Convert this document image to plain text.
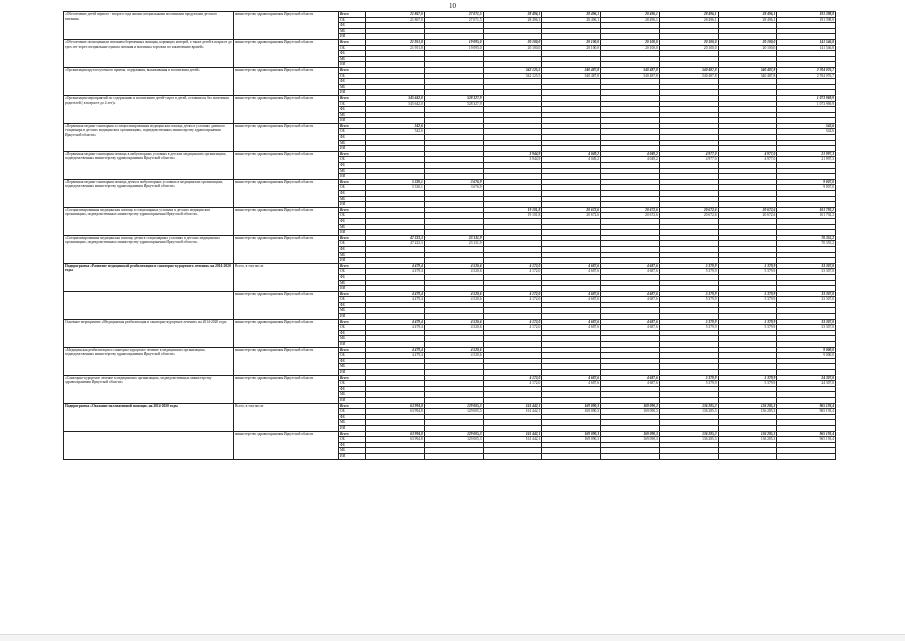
10
«Обеспечение детей первого - второго года жизни специальными молочными продуктами детского питания»	министерство здравоохранения Иркутской области	Всего	21 867,0	27 071,5	28 496,1	28 496,1	28 496,1	28 496,1	28 496,1	191 398,8
		ОБ	21 867,0	27 071,5	28 496,1	28 496,1	28 496,1	28 496,1	28 496,1	191 398,8
		ФБ								
		МБ								
		ИИ								
«Обеспечение полноценным питанием беременных женщин, кормящих матерей, а также детей в возрасте до трех лет через специальные пункты питания и магазины торговли по заключению врачей»	министерство здравоохранения Иркутской области	Всего	21 951,8	19 095,0	20 100,0	20 100,0	20 100,0	20 100,0	20 100,0	141 546,8
		ОБ	21 951,8	19 095,0	20 100,0	20 100,0	20 100,0	20 100,0	20 100,0	141 546,8
		ФБ								
		МБ								
		ИИ								
«Организация круглосуточного приема, содержания, выхаживания и воспитания детей»	министерство здравоохранения Иркутской области	Всего			542 125,5	540 487,8	540 487,8	540 487,8	540 487,8	2 704 076,7
		ОБ			542 125,5	540 487,8	540 487,8	540 487,8	540 487,8	2 704 076,7
		ФБ								
		МБ								
		ИИ								
«Организация мероприятий по содержанию и воспитанию детей-сирот и детей, оставшихся без попечения родителей ( в возрасте до 4 лет)»	министерство здравоохранения Иркутской области	Всего	545 642,0	528 327,9						1 073 969,9
		ОБ	545 642,0	528 327,9						1 073 969,9
		ФБ								
		МБ								
		ИИ								
«Первичная медико-санитарная и специализированная медицинская помощь детям в условиях дневного стационара в детских медицинских организациях, подведомственных министерству здравоохранения Иркутской области»	министерство здравоохранения Иркутской области	Всего	542,6							542,6
		ОБ	542,6							542,6
		ФБ								
		МБ								
		ИИ								
«Первичная медико-санитарная помощь в амбулаторных условиях в детских медицинских организациях, подведомственных министерству здравоохранения Иркутской области»	министерство здравоохранения Иркутской области	Всего			3 944,9	4 049,2	4 049,2	4 977,0	4 977,0	21 997,3
		ОБ			3 944,9	4 049,2	4 049,2	4 977,0	4 977,0	21 997,3
		ФБ								
		МБ								
		ИИ								
«Первичная медико-санитарная помощь детям в амбулаторных условиях в медицинских организациях, подведомственных министерству здравоохранения Иркутской области»	министерство здравоохранения Иркутской области	Всего	5 330,1	3 676,9						9 007,0
		ОБ	5 330,1	3 676,9						9 007,0
		ФБ								
		МБ								
		ИИ								
«Специализированная медицинская помощь в стационарных условиях в детских медицинских организациях, подведомственных министерству здравоохранения Иркутской области»	министерство здравоохранения Иркутской области	Всего			19 101,8	20 672,6	20 672,6	20 672,6	20 672,6	101 792,2
		ОБ			19 101,8	20 672,6	20 672,6	20 672,6	20 672,6	101 792,2
		ФБ								
		МБ								
		ИИ								
«Специализированная медицинская помощь детям в стационарных условиях в детских медицинских организациях, подведомственных министерству здравоохранения Иркутской области»	министерство здравоохранения Иркутской области	Всего	47 223,3	23 131,9						70 355,2
		ОБ	47 223,3	23 131,9						70 355,2
		ФБ								
		МБ								
		ИИ								
Подпрограмма «Развитие медицинской реабилитации и санаторно-курортного лечения» на 2014-2020 годы	Всего, в том числе	Всего	4 479,4	4 520,6	4 172,0	4 687,6	4 687,6	5 379,9	5 379,9	33 307,0
		ОБ	4 479,4	4 520,6	4 172,0	4 687,6	4 687,6	5 379,9	5 379,9	33 307,0
		ФБ								
		МБ								
		ИИ								
	министерство здравоохранения Иркутской области	Всего	4 479,4	4 520,6	4 172,0	4 687,6	4 687,6	5 379,9	5 379,9	33 307,0
		ОБ	4 479,4	4 520,6	4 172,0	4 687,6	4 687,6	5 379,9	5 379,9	33 307,0
		ФБ								
		МБ								
		ИИ								
Основное мероприятие «Медицинская реабилитация и санаторно-курортное лечение» на 2014-2020 годы	министерство здравоохранения Иркутской области	Всего	4 479,4	4 520,6	4 172,0	4 687,6	4 687,6	5 379,9	5 379,9	33 307,0
		ОБ	4 479,4	4 520,6	4 172,0	4 687,6	4 687,6	5 379,9	5 379,9	33 307,0
		ФБ								
		МБ								
		ИИ								
«Медицинская реабилитация и санаторно-курортное лечение в медицинских организациях, подведомственных министерству здравоохранения Иркутской области»	министерство здравоохранения Иркутской области	Всего	4 479,4	4 520,6						9 000,0
		ОБ	4 479,4	4 520,6						9 000,0
		ФБ								
		МБ								
		ИИ								
«Санаторно-курортное лечение в медицинских организациях, подведомственных министерству здравоохранения Иркутской области»	министерство здравоохранения Иркутской области	Всего			4 172,0	4 687,6	4 687,6	5 379,9	5 379,9	24 307,0
		ОБ			4 172,0	4 687,6	4 687,6	5 379,9	5 379,9	24 307,0
		ФБ								
		МБ								
		ИИ								
Подпрограмма «Оказание паллиативной помощи» на 2014-2020 годы	Всего, в том числе	Всего	63 994,8	129 005,3	161 442,1	169 090,3	169 090,3	136 285,3	136 285,3	965 193,4
		ОБ	63 994,8	129 005,3	161 442,1	169 090,3	169 090,3	136 285,3	136 285,3	965 193,4
		ФБ								
		МБ								
		ИИ								
	министерство здравоохранения Иркутской области	Всего	63 994,8	129 005,3	161 442,1	169 090,3	169 090,3	136 285,3	136 285,3	965 193,4
		ОБ	63 994,8	129 005,3	161 442,1	169 090,3	169 090,3	136 285,3	136 285,3	965 193,4
		ФБ								
		МБ								
		ИИ								
